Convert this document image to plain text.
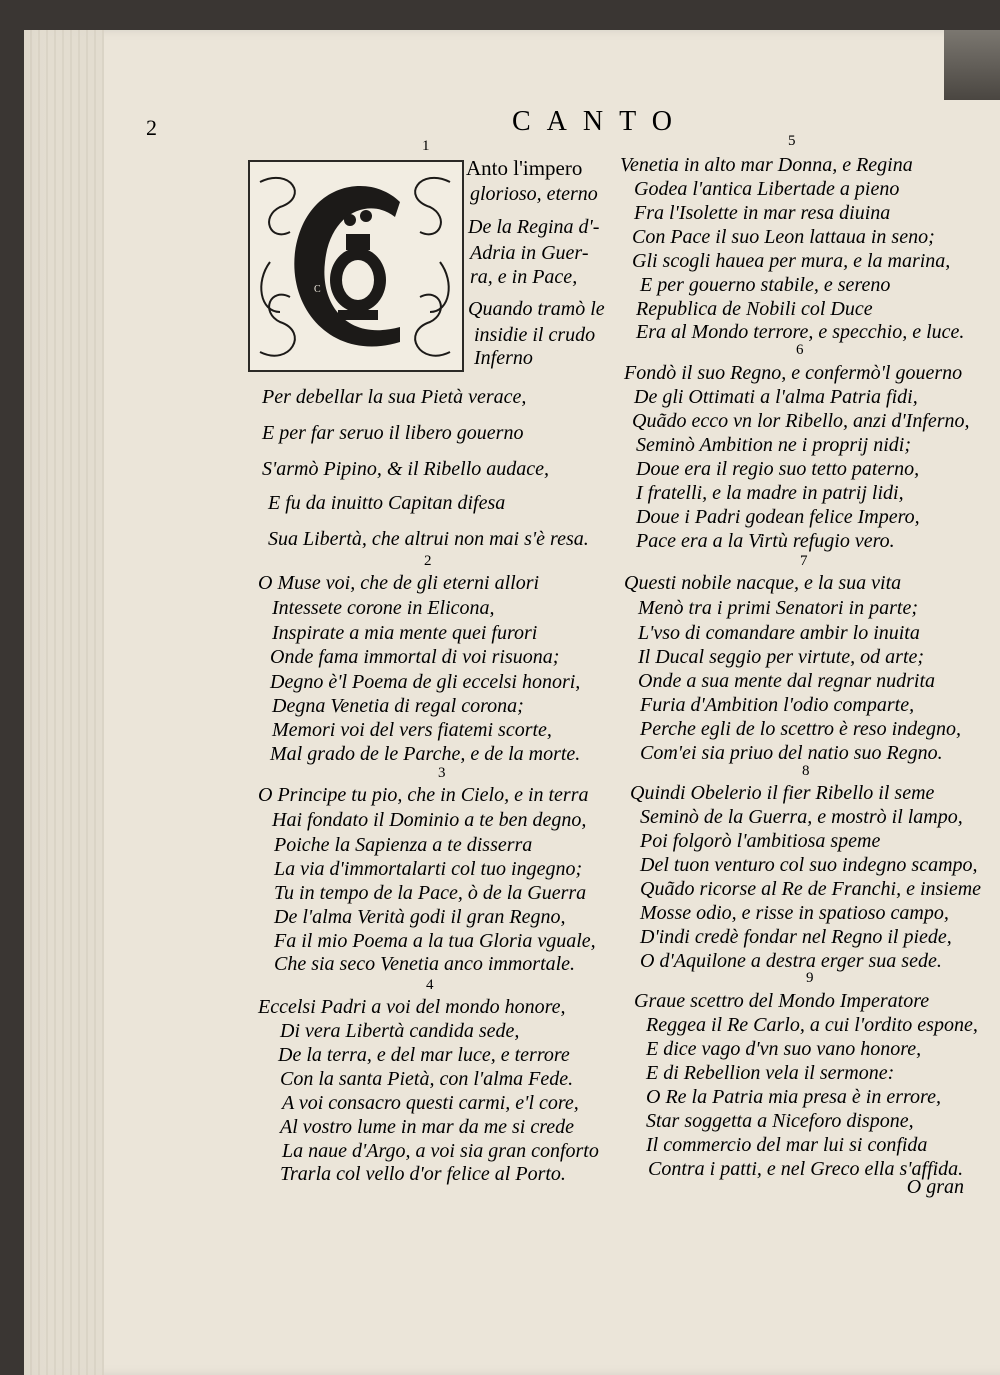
2	CANTO
C
1
Anto l'impero
glorioso, eterno
De la Regina d'-
Adria in Guer-
ra, e in Pace,
Quando tramò le
insidie il crudo
Inferno
Per debellar la sua Pietà verace,
E per far seruo il libero gouerno
S'armò Pipino, & il Ribello audace,
E fu da inuitto Capitan difesa
Sua Libertà, che altrui non mai s'è resa.
2
O Muse voi, che de gli eterni allori
Intessete corone in Elicona,
Inspirate a mia mente quei furori
Onde fama immortal di voi risuona;
Degno è'l Poema de gli eccelsi honori,
Degna Venetia di regal corona;
Memori voi del vers fiatemi scorte,
Mal grado de le Parche, e de la morte.
3
O Principe tu pio, che in Cielo, e in terra
Hai fondato il Dominio a te ben degno,
Poiche la Sapienza a te disserra
La via d'immortalarti col tuo ingegno;
Tu in tempo de la Pace, ò de la Guerra
De l'alma Verità godi il gran Regno,
Fa il mio Poema a la tua Gloria vguale,
Che sia seco Venetia anco immortale.
4
Eccelsi Padri a voi del mondo honore,
Di vera Libertà candida sede,
De la terra, e del mar luce, e terrore
Con la santa Pietà, con l'alma Fede.
A voi consacro questi carmi, e'l core,
Al vostro lume in mar da me si crede
La naue d'Argo, a voi sia gran conforto
Trarla col vello d'or felice al Porto.
5
Venetia in alto mar Donna, e Regina
Godea l'antica Libertade a pieno
Fra l'Isolette in mar resa diuina
Con Pace il suo Leon lattaua in seno;
Gli scogli hauea per mura, e la marina,
E per gouerno stabile, e sereno
Republica de Nobili col Duce
Era al Mondo terrore, e specchio, e luce.
6
Fondò il suo Regno, e confermò'l gouerno
De gli Ottimati a l'alma Patria fidi,
Quãdo ecco vn lor Ribello, anzi d'Inferno,
Seminò Ambition ne i proprij nidi;
Doue era il regio suo tetto paterno,
I fratelli, e la madre in patrij lidi,
Doue i Padri godean felice Impero,
Pace era a la Virtù refugio vero.
7
Questi nobile nacque, e la sua vita
Menò tra i primi Senatori in parte;
L'vso di comandare ambir lo inuita
Il Ducal seggio per virtute, od arte;
Onde a sua mente dal regnar nudrita
Furia d'Ambition l'odio comparte,
Perche egli de lo scettro è reso indegno,
Com'ei sia priuo del natio suo Regno.
8
Quindi Obelerio il fier Ribello il seme
Seminò de la Guerra, e mostrò il lampo,
Poi folgorò l'ambitiosa speme
Del tuon venturo col suo indegno scampo,
Quãdo ricorse al Re de Franchi, e insieme
Mosse odio, e risse in spatioso campo,
D'indi credè fondar nel Regno il piede,
O d'Aquilone a destra erger sua sede.
9
Graue scettro del Mondo Imperatore
Reggea il Re Carlo, a cui l'ordito espone,
E dice vago d'vn suo vano honore,
E di Rebellion vela il sermone:
O Re la Patria mia presa è in errore,
Star soggetta a Niceforo dispone,
Il commercio del mar lui si confida
Contra i patti, e nel Greco ella s'affida.
O gran
